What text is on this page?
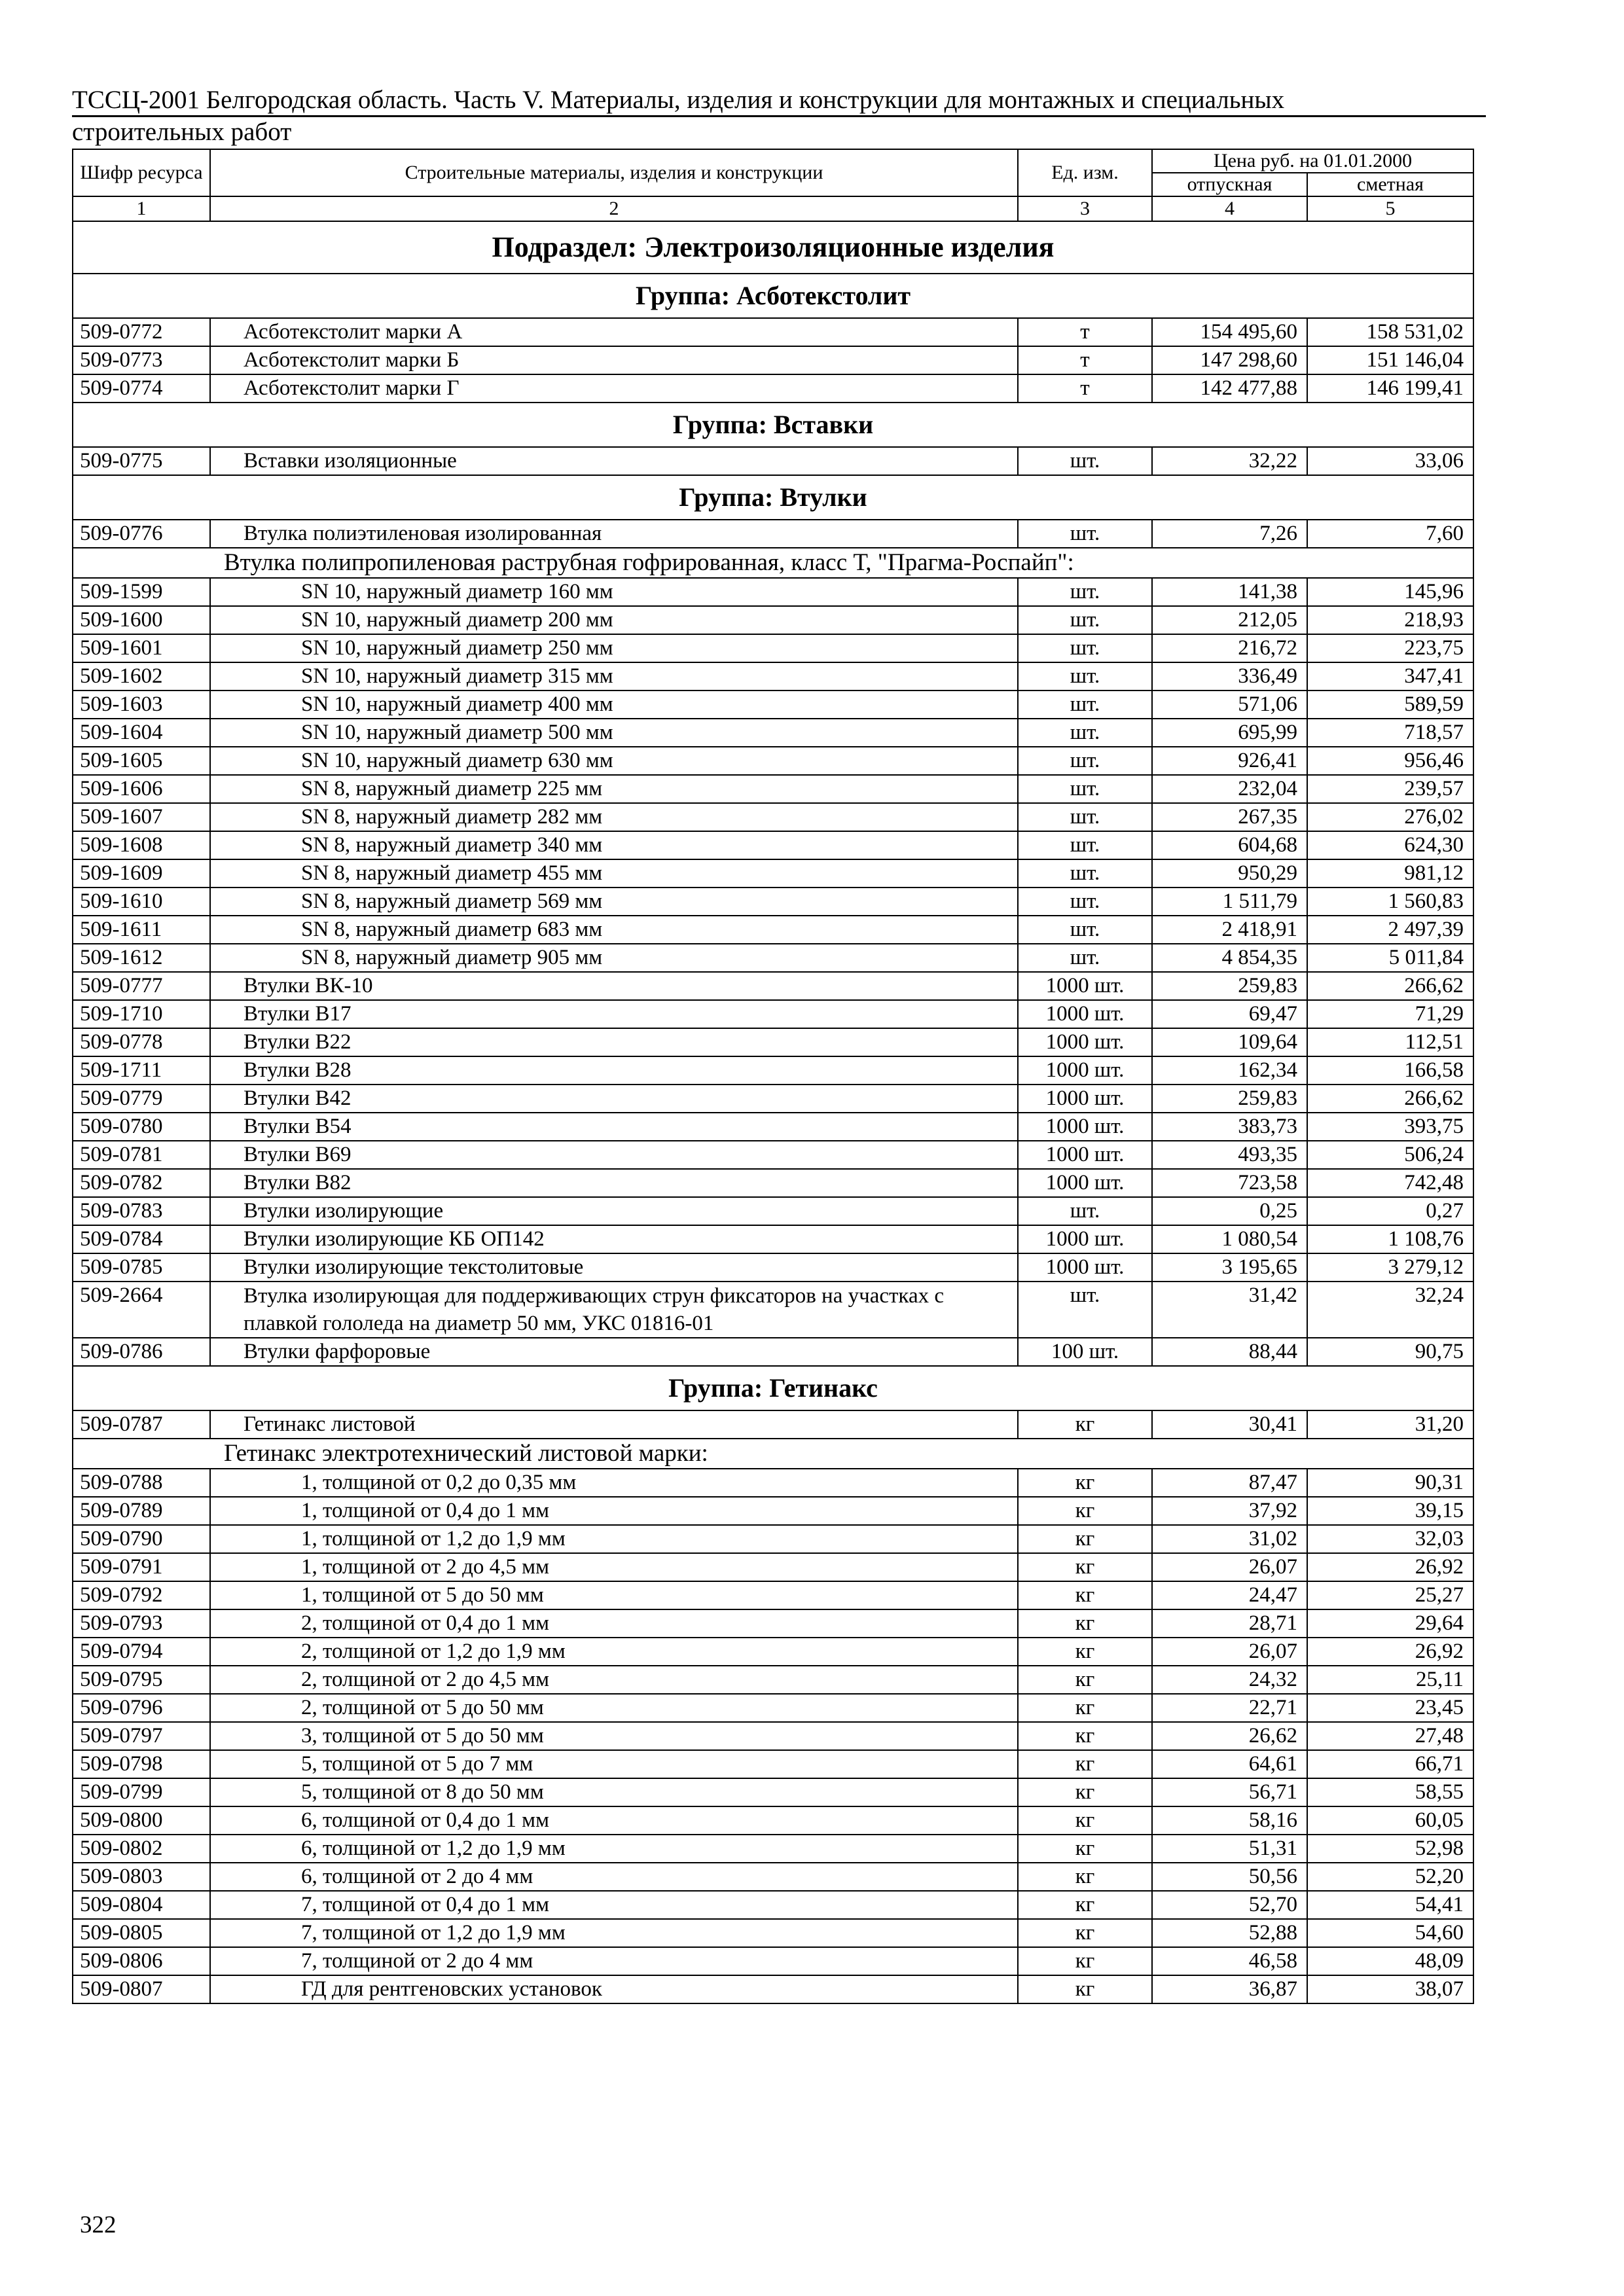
ТССЦ-2001 Белгородская область. Часть V. Материалы, изделия и конструкции для монтажных и специальных
строительных работ
Шифр ресурса	Строительные материалы, изделия и конструкции	Ед. изм.	Цена руб. на 01.01.2000	
			отпускная	сметная
1	2	3	4	5
Подраздел: Электроизоляционные изделия				
Группа: Асботекстолит				
509-0772	Асботекстолит марки А	т	154 495,60	158 531,02
509-0773	Асботекстолит марки Б	т	147 298,60	151 146,04
509-0774	Асботекстолит марки Г	т	142 477,88	146 199,41
Группа: Вставки				
509-0775	Вставки изоляционные	шт.	32,22	33,06
Группа: Втулки				
509-0776	Втулка полиэтиленовая изолированная	шт.	7,26	7,60
Втулка полипропиленовая раструбная гофрированная, класс Т, "Прагма-Роспайп":				
509-1599	SN 10, наружный диаметр 160 мм	шт.	141,38	145,96
509-1600	SN 10, наружный диаметр 200 мм	шт.	212,05	218,93
509-1601	SN 10, наружный диаметр 250 мм	шт.	216,72	223,75
509-1602	SN 10, наружный диаметр 315 мм	шт.	336,49	347,41
509-1603	SN 10, наружный диаметр 400 мм	шт.	571,06	589,59
509-1604	SN 10, наружный диаметр 500 мм	шт.	695,99	718,57
509-1605	SN 10, наружный диаметр 630 мм	шт.	926,41	956,46
509-1606	SN 8, наружный диаметр 225 мм	шт.	232,04	239,57
509-1607	SN 8, наружный диаметр 282 мм	шт.	267,35	276,02
509-1608	SN 8, наружный диаметр 340 мм	шт.	604,68	624,30
509-1609	SN 8, наружный диаметр 455 мм	шт.	950,29	981,12
509-1610	SN 8, наружный диаметр 569 мм	шт.	1 511,79	1 560,83
509-1611	SN 8, наружный диаметр 683 мм	шт.	2 418,91	2 497,39
509-1612	SN 8, наружный диаметр 905 мм	шт.	4 854,35	5 011,84
509-0777	Втулки ВК-10	1000 шт.	259,83	266,62
509-1710	Втулки В17	1000 шт.	69,47	71,29
509-0778	Втулки В22	1000 шт.	109,64	112,51
509-1711	Втулки В28	1000 шт.	162,34	166,58
509-0779	Втулки В42	1000 шт.	259,83	266,62
509-0780	Втулки В54	1000 шт.	383,73	393,75
509-0781	Втулки В69	1000 шт.	493,35	506,24
509-0782	Втулки В82	1000 шт.	723,58	742,48
509-0783	Втулки изолирующие	шт.	0,25	0,27
509-0784	Втулки изолирующие КБ ОП142	1000 шт.	1 080,54	1 108,76
509-0785	Втулки изолирующие текстолитовые	1000 шт.	3 195,65	3 279,12
509-2664	Втулка изолирующая для поддерживающих струн фиксаторов на участках с плавкой гололеда на диаметр 50 мм, УКС 01816-01	шт.	31,42	32,24
509-0786	Втулки фарфоровые	100 шт.	88,44	90,75
Группа: Гетинакс				
509-0787	Гетинакс листовой	кг	30,41	31,20
Гетинакс электротехнический листовой марки:				
509-0788	1, толщиной от 0,2 до 0,35 мм	кг	87,47	90,31
509-0789	1, толщиной от 0,4 до 1 мм	кг	37,92	39,15
509-0790	1, толщиной от 1,2 до 1,9 мм	кг	31,02	32,03
509-0791	1, толщиной от 2 до 4,5 мм	кг	26,07	26,92
509-0792	1, толщиной от 5 до 50 мм	кг	24,47	25,27
509-0793	2, толщиной от 0,4 до 1 мм	кг	28,71	29,64
509-0794	2, толщиной от 1,2 до 1,9 мм	кг	26,07	26,92
509-0795	2, толщиной от 2 до 4,5 мм	кг	24,32	25,11
509-0796	2, толщиной от 5 до 50 мм	кг	22,71	23,45
509-0797	3, толщиной от 5 до 50 мм	кг	26,62	27,48
509-0798	5, толщиной от 5 до 7 мм	кг	64,61	66,71
509-0799	5, толщиной от 8 до 50 мм	кг	56,71	58,55
509-0800	6, толщиной от 0,4 до 1 мм	кг	58,16	60,05
509-0802	6, толщиной от 1,2 до 1,9 мм	кг	51,31	52,98
509-0803	6, толщиной от 2 до 4 мм	кг	50,56	52,20
509-0804	7, толщиной от 0,4 до 1 мм	кг	52,70	54,41
509-0805	7, толщиной от 1,2 до 1,9 мм	кг	52,88	54,60
509-0806	7, толщиной от 2 до 4 мм	кг	46,58	48,09
509-0807	ГД для рентгеновских установок	кг	36,87	38,07
322
